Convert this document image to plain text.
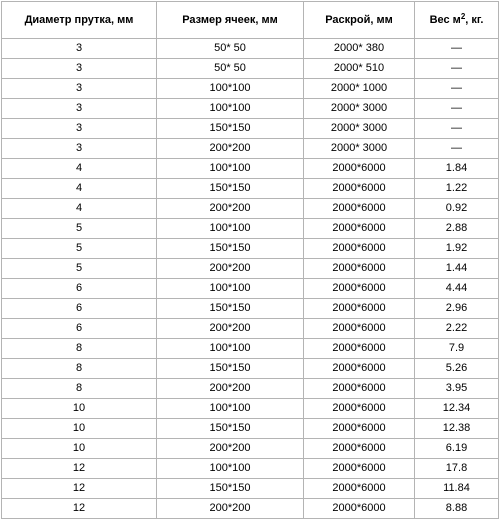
Диаметр прутка, мм	Размер ячеек, мм	Раскрой, мм	Вес $м^2$, кг.
3	50* 50	2000* 380	—
3	50* 50	2000* 510	—
3	100*100	2000* 1000	—
3	100*100	2000* 3000	—
3	150*150	2000* 3000	—
3	200*200	2000* 3000	—
4	100*100	2000*6000	1.84
4	150*150	2000*6000	1.22
4	200*200	2000*6000	0.92
5	100*100	2000*6000	2.88
5	150*150	2000*6000	1.92
5	200*200	2000*6000	1.44
6	100*100	2000*6000	4.44
6	150*150	2000*6000	2.96
6	200*200	2000*6000	2.22
8	100*100	2000*6000	7.9
8	150*150	2000*6000	5.26
8	200*200	2000*6000	3.95
10	100*100	2000*6000	12.34
10	150*150	2000*6000	12.38
10	200*200	2000*6000	6.19
12	100*100	2000*6000	17.8
12	150*150	2000*6000	11.84
12	200*200	2000*6000	8.88
